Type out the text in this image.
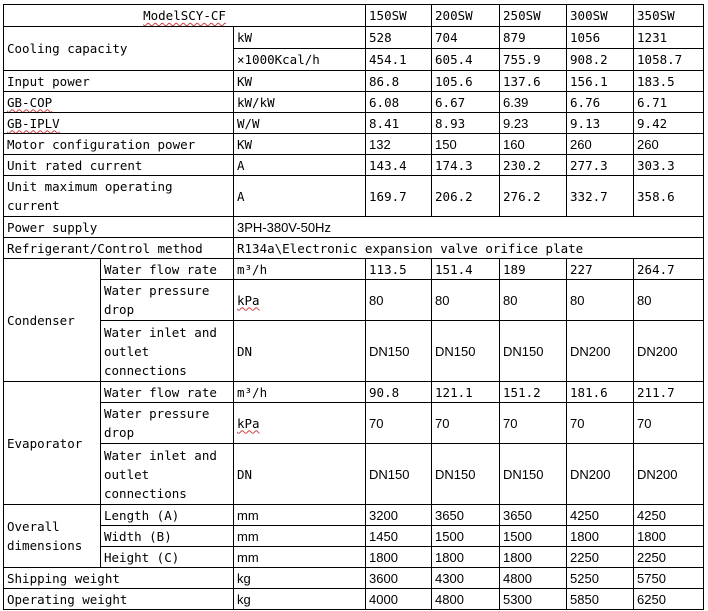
ModelSCY-CF			150SW	200SW	250SW	300SW	350SW
Cooling capacity		kW	528	704	879	1056	1231
		×1000Kcal/h	454.1	605.4	755.9	908.2	1058.7
Input power		KW	86.8	105.6	137.6	156.1	183.5
GB-COP		kW/kW	6.08	6.67	6.39	6.76	6.71
GB-IPLV		W/W	8.41	8.93	9.23	9.13	9.42
Motor configuration power		KW	132	150	160	260	260
Unit rated current		A	143.4	174.3	230.2	277.3	303.3
Unit maximum operating current		A	169.7	206.2	276.2	332.7	358.6
Power supply		3PH-380V-50Hz					
Refrigerant/Control method		R134a\Electronic expansion valve orifice plate					
Condenser	Water flow rate	m³/h	113.5	151.4	189	227	264.7
	Water pressure drop	kPa	80	80	80	80	80
	Water inlet and outlet connections	DN	DN150	DN150	DN150	DN200	DN200
Evaporator	Water flow rate	m³/h	90.8	121.1	151.2	181.6	211.7
	Water pressure drop	kPa	70	70	70	70	70
	Water inlet and outlet connections	DN	DN150	DN150	DN150	DN200	DN200
Overall dimensions	Length (A)	mm	3200	3650	3650	4250	4250
	Width (B)	mm	1450	1500	1500	1800	1800
	Height (C)	mm	1800	1800	1800	2250	2250
Shipping weight		kg	3600	4300	4800	5250	5750
Operating weight		kg	4000	4800	5300	5850	6250
